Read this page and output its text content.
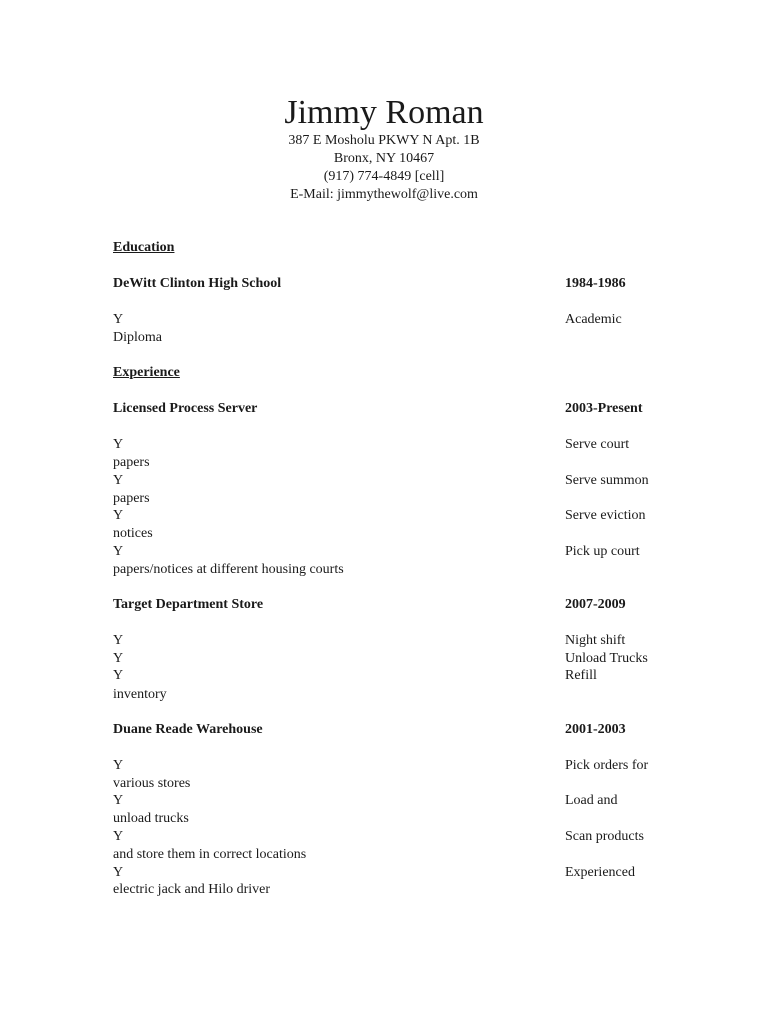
Jimmy Roman
387 E Mosholu PKWY N Apt. 1B
Bronx, NY 10467
(917) 774-4849 [cell]
E-Mail: jimmythewolf@live.com
Education
DeWitt Clinton High School	1984-1986
Y	Academic
Diploma
Experience
Licensed Process Server	2003-Present
Y	Serve court
papers
Y	Serve summon
papers
Y	Serve eviction
notices
Y	Pick up court
papers/notices at different housing courts
Target Department Store	2007-2009
Y	Night shift
Y	Unload Trucks
Y	Refill
inventory
Duane Reade Warehouse	2001-2003
Y	Pick orders for
various stores
Y	Load and
unload trucks
Y	Scan products
and store them in correct locations
Y	Experienced
electric jack and Hilo driver
